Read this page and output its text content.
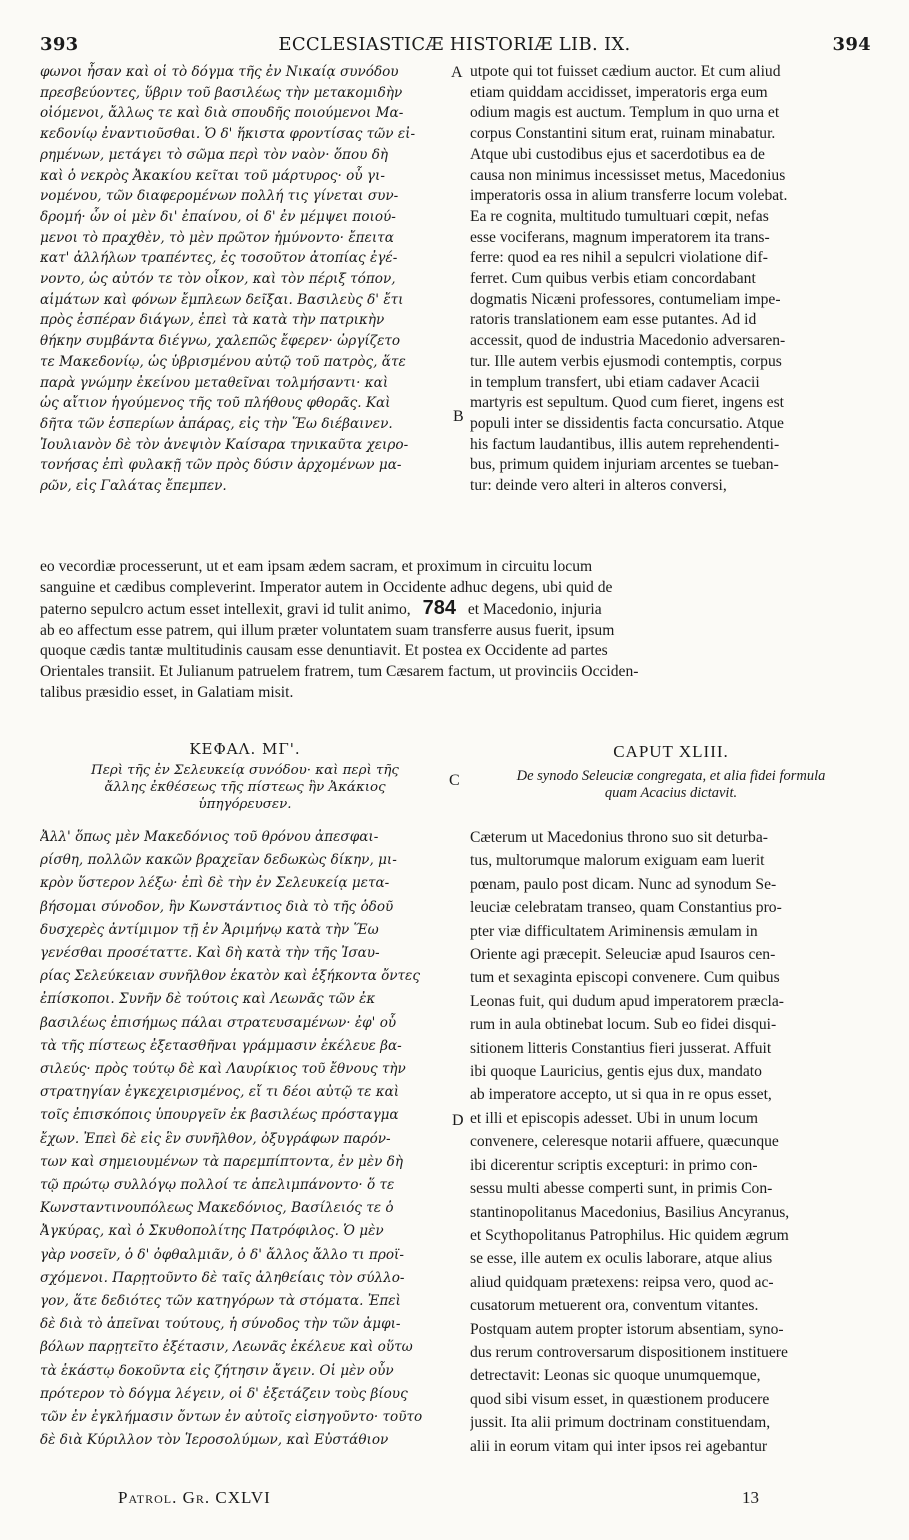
393	ECCLESIASTICÆ HISTORIÆ LIB. IX.	394
φωνοι ἦσαν καὶ οἱ τὸ δόγμα τῆς ἐν Νικαίᾳ συνόδου
πρεσβεύοντες, ὕβριν τοῦ βασιλέως τὴν μετακομιδὴν
οἰόμενοι, ἄλλως τε καὶ διὰ σπουδῆς ποιούμενοι Μα-
κεδονίῳ ἐναντιοῦσθαι. Ὁ δ' ἥκιστα φροντίσας τῶν εἰ-
ρημένων, μετάγει τὸ σῶμα περὶ τὸν ναὸν· ὅπου δὴ
καὶ ὁ νεκρὸς Ἀκακίου κεῖται τοῦ μάρτυρος· οὗ γι-
νομένου, τῶν διαφερομένων πολλή τις γίνεται συν-
δρομή· ὧν οἱ μὲν δι' ἐπαίνου, οἱ δ' ἐν μέμψει ποιού-
μενοι τὸ πραχθὲν, τὸ μὲν πρῶτον ἠμύνοντο· ἔπειτα
κατ' ἀλλήλων τραπέντες, ἐς τοσοῦτον ἀτοπίας ἐγέ-
νοντο, ὡς αὐτόν τε τὸν οἶκον, καὶ τὸν πέριξ τόπον,
αἱμάτων καὶ φόνων ἔμπλεων δεῖξαι. Βασιλεὺς δ' ἔτι
πρὸς ἑσπέραν διάγων, ἐπεὶ τὰ κατὰ τὴν πατρικὴν
θήκην συμβάντα διέγνω, χαλεπῶς ἔφερεν· ὠργίζετο
τε Μακεδονίῳ, ὡς ὑβρισμένου αὐτῷ τοῦ πατρὸς, ἅτε
παρὰ γνώμην ἐκείνου μεταθεῖναι τολμήσαντι· καὶ
ὡς αἴτιον ἡγούμενος τῆς τοῦ πλήθους φθορᾶς. Καὶ
δῆτα τῶν ἑσπερίων ἀπάρας, εἰς τὴν Ἕω διέβαινεν.
Ἰουλιανὸν δὲ τὸν ἀνεψιὸν Καίσαρα τηνικαῦτα χειρο-
τονήσας ἐπὶ φυλακῇ τῶν πρὸς δύσιν ἀρχομένων μα-
ρῶν, εἰς Γαλάτας ἔπεμπεν.
utpote qui tot fuisset cædium auctor. Et cum aliud
etiam quiddam accidisset, imperatoris erga eum
odium magis est auctum. Templum in quo urna et
corpus Constantini situm erat, ruinam minabatur.
Atque ubi custodibus ejus et sacerdotibus ea de
causa non minimus incessisset metus, Macedonius
imperatoris ossa in alium transferre locum volebat.
Ea re cognita, multitudo tumultuari cœpit, nefas
esse vociferans, magnum imperatorem ita trans-
ferre: quod ea res nihil a sepulcri violatione dif-
ferret. Cum quibus verbis etiam concordabant
dogmatis Nicæni professores, contumeliam impe-
ratoris translationem eam esse putantes. Ad id
accessit, quod de industria Macedonio adversaren-
tur. Ille autem verbis ejusmodi contemptis, corpus
in templum transfert, ubi etiam cadaver Acacii
martyris est sepultum. Quod cum fieret, ingens est
populi inter se dissidentis facta concursatio. Atque
his factum laudantibus, illis autem reprehendenti-
bus, primum quidem injuriam arcentes se tueban-
tur: deinde vero alteri in alteros conversi,
A
B
C
D
eo vecordiæ processerunt, ut et eam ipsam ædem sacram, et proximum in circuitu locum
sanguine et cædibus compleverint. Imperator autem in Occidente adhuc degens, ubi quid de
paterno sepulcro actum esset intellexit, gravi id tulit animo, 784 et Macedonio, injuria
ab eo affectum esse patrem, qui illum præter voluntatem suam transferre ausus fuerit, ipsum
quoque cædis tantæ multitudinis causam esse denuntiavit. Et postea ex Occidente ad partes
Orientales transiit. Et Julianum patruelem fratrem, tum Cæsarem factum, ut provinciis Occiden-
talibus præsidio esset, in Galatiam misit.
ΚΕΦΑΛ. ΜΓ'.
Περὶ τῆς ἐν Σελευκείᾳ συνόδου· καὶ περὶ τῆς
ἄλλης ἐκθέσεως τῆς πίστεως ἣν Ἀκάκιος
ὑπηγόρευσεν.
CAPUT XLIII.
De synodo Seleuciæ congregata, et alia fidei formula
quam Acacius dictavit.
Ἀλλ' ὅπως μὲν Μακεδόνιος τοῦ θρόνου ἀπεσφαι-
ρίσθη, πολλῶν κακῶν βραχεῖαν δεδωκὼς δίκην, μι-
κρὸν ὕστερον λέξω· ἐπὶ δὲ τὴν ἐν Σελευκείᾳ μετα-
βήσομαι σύνοδον, ἣν Κωνστάντιος διὰ τὸ τῆς ὁδοῦ
δυσχερὲς ἀντίμιμον τῇ ἐν Ἀριμήνῳ κατὰ τὴν Ἕω
γενέσθαι προσέταττε. Καὶ δὴ κατὰ τὴν τῆς Ἰσαυ-
ρίας Σελεύκειαν συνῆλθον ἑκατὸν καὶ ἑξήκοντα ὄντες
ἐπίσκοποι. Συνῆν δὲ τούτοις καὶ Λεωνᾶς τῶν ἐκ
βασιλέως ἐπισήμως πάλαι στρατευσαμένων· ἐφ' οὗ
τὰ τῆς πίστεως ἐξετασθῆναι γράμμασιν ἐκέλευε βα-
σιλεύς· πρὸς τούτῳ δὲ καὶ Λαυρίκιος τοῦ ἔθνους τὴν
στρατηγίαν ἐγκεχειρισμένος, εἴ τι δέοι αὐτῷ τε καὶ
τοῖς ἐπισκόποις ὑπουργεῖν ἐκ βασιλέως πρόσταγμα
ἔχων. Ἐπεὶ δὲ εἰς ἓν συνῆλθον, ὀξυγράφων παρόν-
των καὶ σημειουμένων τὰ παρεμπίπτοντα, ἐν μὲν δὴ
τῷ πρώτῳ συλλόγῳ πολλοί τε ἀπελιμπάνοντο· ὅ τε
Κωνσταντινουπόλεως Μακεδόνιος, Βασίλειός τε ὁ
Ἀγκύρας, καὶ ὁ Σκυθοπολίτης Πατρόφιλος. Ὁ μὲν
γὰρ νοσεῖν, ὁ δ' ὀφθαλμιᾶν, ὁ δ' ἄλλος ἄλλο τι προϊ-
σχόμενοι. Παρῃτοῦντο δὲ ταῖς ἀληθείαις τὸν σύλλο-
γον, ἅτε δεδιότες τῶν κατηγόρων τὰ στόματα. Ἐπεὶ
δὲ διὰ τὸ ἀπεῖναι τούτους, ἡ σύνοδος τὴν τῶν ἀμφι-
βόλων παρῃτεῖτο ἐξέτασιν, Λεωνᾶς ἐκέλευε καὶ οὕτω
τὰ ἑκάστῳ δοκοῦντα εἰς ζήτησιν ἄγειν. Οἱ μὲν οὖν
πρότερον τὸ δόγμα λέγειν, οἱ δ' ἐξετάζειν τοὺς βίους
τῶν ἐν ἐγκλήμασιν ὄντων ἐν αὐτοῖς εἰσηγοῦντο· τοῦτο
δὲ διὰ Κύριλλον τὸν Ἱεροσολύμων, καὶ Εὐστάθιον
Cæterum ut Macedonius throno suo sit deturba-
tus, multorumque malorum exiguam eam luerit
pœnam, paulo post dicam. Nunc ad synodum Se-
leuciæ celebratam transeo, quam Constantius pro-
pter viæ difficultatem Ariminensis æmulam in
Oriente agi præcepit. Seleuciæ apud Isauros cen-
tum et sexaginta episcopi convenere. Cum quibus
Leonas fuit, qui dudum apud imperatorem præcla-
rum in aula obtinebat locum. Sub eo fidei disqui-
sitionem litteris Constantius fieri jusserat. Affuit
ibi quoque Lauricius, gentis ejus dux, mandato
ab imperatore accepto, ut si qua in re opus esset,
et illi et episcopis adesset. Ubi in unum locum
convenere, celeresque notarii affuere, quæcunque
ibi dicerentur scriptis excepturi: in primo con-
sessu multi abesse comperti sunt, in primis Con-
stantinopolitanus Macedonius, Basilius Ancyranus,
et Scythopolitanus Patrophilus. Hic quidem ægrum
se esse, ille autem ex oculis laborare, atque alius
aliud quidquam prætexens: reipsa vero, quod ac-
cusatorum metuerent ora, conventum vitantes.
Postquam autem propter istorum absentiam, syno-
dus rerum controversarum dispositionem instituere
detrectavit: Leonas sic quoque unumquemque,
quod sibi visum esset, in quæstionem producere
jussit. Ita alii primum doctrinam constituendam,
alii in eorum vitam qui inter ipsos rei agebantur
Patrol. Gr. CXLVI	13
